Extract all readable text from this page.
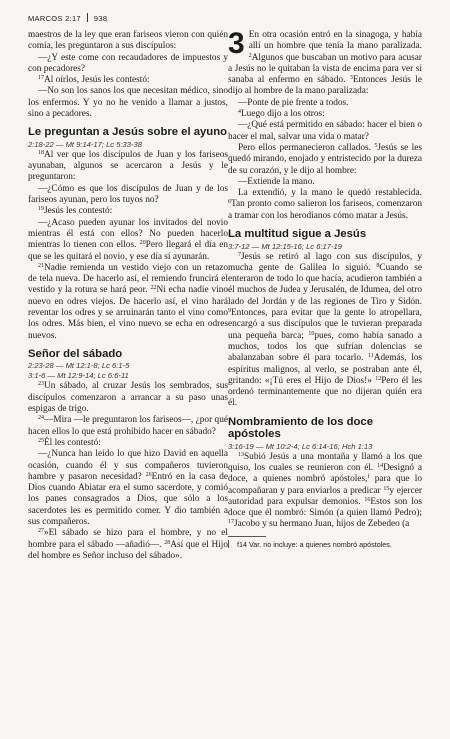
MARCOS 2:17 938

maestros de la ley que eran fariseos vieron con quién comía, les preguntaron a sus discípulos:

—¿Y este come con recaudadores de impuestos y con pecadores?

$^{17}$Al oírlos, Jesús les contestó:

—No son los sanos los que necesitan médico, sino los enfermos. Y yo no he venido a llamar a justos, sino a pecadores.

Le preguntan a Jesús sobre el ayuno
2:18-22 — Mt 9:14-17; Lc 5:33-38

$^{18}$Al ver que los discípulos de Juan y los fariseos ayunaban, algunos se acercaron a Jesús y le preguntaron:

—¿Cómo es que los discípulos de Juan y de los fariseos ayunan, pero los tuyos no?

$^{19}$Jesús les contestó:

—¿Acaso pueden ayunar los invitados del novio mientras él está con ellos? No pueden hacerlo mientras lo tienen con ellos. $^{20}$Pero llegará el día en que se les quitará el novio, y ese día sí ayunarán.

$^{21}$Nadie remienda un vestido viejo con un retazo de tela nueva. De hacerlo así, el remiendo fruncirá el vestido y la rotura se hará peor. $^{22}$Ni echa nadie vino nuevo en odres viejos. De hacerlo así, el vino hará reventar los odres y se arruinarán tanto el vino como los odres. Más bien, el vino nuevo se echa en odres nuevos.

Señor del sábado
2:23-28 — Mt 12:1-8; Lc 6:1-5
3:1-6 — Mt 12:9-14; Lc 6:6-11

$^{23}$Un sábado, al cruzar Jesús los sembrados, sus discípulos comenzaron a arrancar a su paso unas espigas de trigo.

$^{24}$—Mira —le preguntaron los fariseos—, ¿por qué hacen ellos lo que está prohibido hacer en sábado?

$^{25}$Él les contestó:

—¿Nunca han leído lo que hizo David en aquella ocasión, cuando él y sus compañeros tuvieron hambre y pasaron necesidad? $^{26}$Entró en la casa de Dios cuando Abiatar era el sumo sacerdote, y comió los panes consagrados a Dios, que sólo a los sacerdotes les es permitido comer. Y dio también a sus compañeros.

$^{27}$»El sábado se hizo para el hombre, y no el hombre para el sábado —añadió—. $^{28}$Así que el Hijo del hombre es Señor incluso del sábado».

3 En otra ocasión entró en la sinagoga, y había allí un hombre que tenía la mano paralizada. $^2$Algunos que buscaban un motivo para acusar a Jesús no le quitaban la vista de encima para ver si sanaba al enfermo en sábado. $^3$Entonces Jesús le dijo al hombre de la mano paralizada:

—Ponte de pie frente a todos.

$^4$Luego dijo a los otros:

—¿Qué está permitido en sábado: hacer el bien o hacer el mal, salvar una vida o matar?

Pero ellos permanecieron callados. $^5$Jesús se les quedó mirando, enojado y entristecido por la dureza de su corazón, y le dijo al hombre:

—Extiende la mano.

La extendió, y la mano le quedó restablecida. $^6$Tan pronto como salieron los fariseos, comenzaron a tramar con los herodianos cómo matar a Jesús.

La multitud sigue a Jesús
3:7-12 — Mt 12:15-16; Lc 6:17-19

$^7$Jesús se retiró al lago con sus discípulos, y mucha gente de Galilea lo siguió. $^8$Cuando se enteraron de todo lo que hacía, acudieron también a él muchos de Judea y Jerusalén, de Idumea, del otro lado del Jordán y de las regiones de Tiro y Sidón. $^9$Entonces, para evitar que la gente lo atropellara, encargó a sus discípulos que le tuvieran preparada una pequeña barca; $^{10}$pues, como había sanado a muchos, todos los que sufrían dolencias se abalanzaban sobre él para tocarlo. $^{11}$Además, los espíritus malignos, al verlo, se postraban ante él, gritando: «¡Tú eres el Hijo de Dios!» $^{12}$Pero él les ordenó terminantemente que no dijeran quién era él.

Nombramiento de los doce apóstoles
3:16-19 — Mt 10:2-4; Lc 6:14-16; Hch 1:13

$^{13}$Subió Jesús a una montaña y llamó a los que quiso, los cuales se reunieron con él. $^{14}$Designó a doce, a quienes nombró apóstoles,$^f$ para que lo acompañaran y para enviarlos a predicar $^{15}$y ejercer autoridad para expulsar demonios. $^{16}$Estos son los doce que él nombró: Simón (a quien llamó Pedro); $^{17}$Jacobo y su hermano Juan, hijos de Zebedeo (a

f14 Var. no incluye: a quienes nombró apóstoles.
